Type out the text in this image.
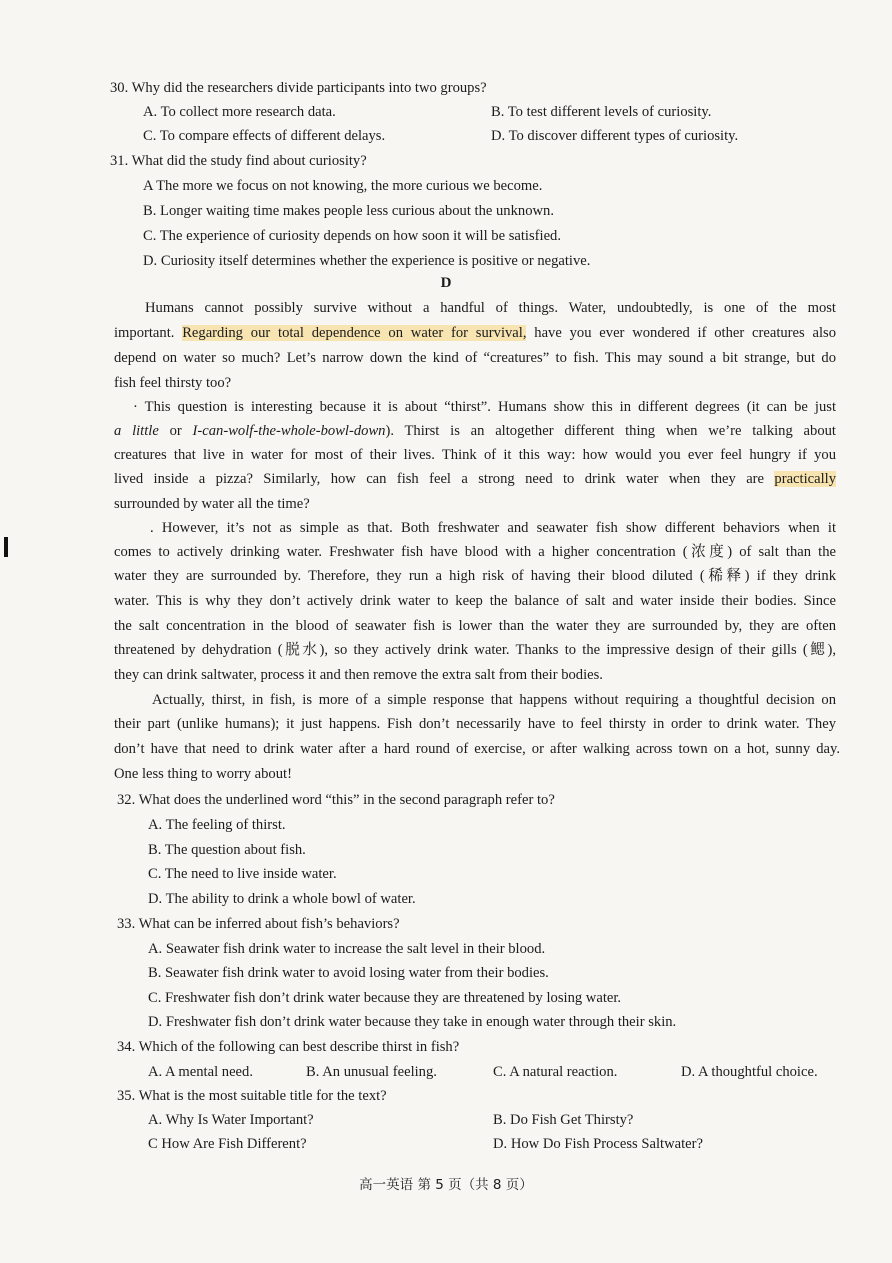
30. Why did the researchers divide participants into two groups?
A. To collect more research data.	B. To test different levels of curiosity.
C. To compare effects of different delays.	D. To discover different types of curiosity.
31. What did the study find about curiosity?
A The more we focus on not knowing, the more curious we become.
B. Longer waiting time makes people less curious about the unknown.
C. The experience of curiosity depends on how soon it will be satisfied.
D. Curiosity itself determines whether the experience is positive or negative.
D
Humans cannot possibly survive without a handful of things. Water, undoubtedly, is one of the most
important. Regarding our total dependence on water for survival, have you ever wondered if other creatures also
depend on water so much? Let’s narrow down the kind of “creatures” to fish. This may sound a bit strange, but do
fish feel thirsty too?
· This question is interesting because it is about “thirst”. Humans show this in different degrees (it can be just
a little or I-can-wolf-the-whole-bowl-down). Thirst is an altogether different thing when we’re talking about
creatures that live in water for most of their lives. Think of it this way: how would you ever feel hungry if you
lived inside a pizza? Similarly, how can fish feel a strong need to drink water when they are practically
surrounded by water all the time?
. However, it’s not as simple as that. Both freshwater and seawater fish show different behaviors when it
comes to actively drinking water. Freshwater fish have blood with a higher concentration (浓度) of salt than the
water they are surrounded by. Therefore, they run a high risk of having their blood diluted (稀释) if they drink
water. This is why they don’t actively drink water to keep the balance of salt and water inside their bodies. Since
the salt concentration in the blood of seawater fish is lower than the water they are surrounded by, they are often
threatened by dehydration (脱水), so they actively drink water. Thanks to the impressive design of their gills (鳃),
they can drink saltwater, process it and then remove the extra salt from their bodies.
Actually, thirst, in fish, is more of a simple response that happens without requiring a thoughtful decision on
their part (unlike humans); it just happens. Fish don’t necessarily have to feel thirsty in order to drink water. They
don’t have that need to drink water after a hard round of exercise, or after walking across town on a hot, sunny day.
One less thing to worry about!
32. What does the underlined word “this” in the second paragraph refer to?
A. The feeling of thirst.
B. The question about fish.
C. The need to live inside water.
D. The ability to drink a whole bowl of water.
33. What can be inferred about fish’s behaviors?
A. Seawater fish drink water to increase the salt level in their blood.
B. Seawater fish drink water to avoid losing water from their bodies.
C. Freshwater fish don’t drink water because they are threatened by losing water.
D. Freshwater fish don’t drink water because they take in enough water through their skin.
34. Which of the following can best describe thirst in fish?
A. A mental need.	B. An unusual feeling.	C. A natural reaction.	D. A thoughtful choice.
35. What is the most suitable title for the text?
A. Why Is Water Important?	B. Do Fish Get Thirsty?
C How Are Fish Different?	D. How Do Fish Process Saltwater?
高一英语 第 5 页（共 8 页）
